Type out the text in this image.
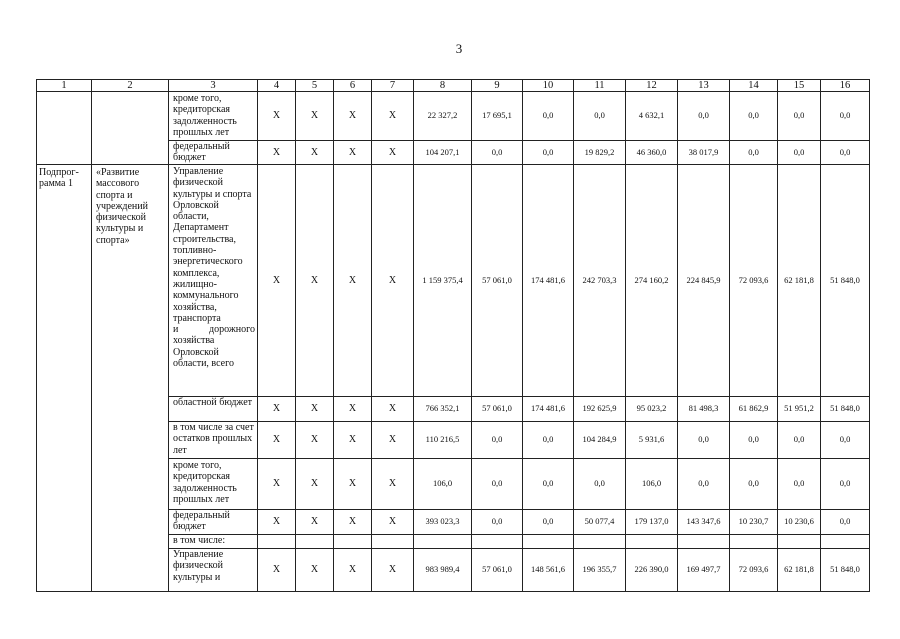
3
1	2	3	4	5	6	7	8	9	10	11	12	13	14	15	16
		кроме того, кредиторская задолженность прошлых лет	X	X	X	X	22 327,2	17 695,1	0,0	0,0	4 632,1	0,0	0,0	0,0	0,0
		федеральный бюджет	X	X	X	X	104 207,1	0,0	0,0	19 829,2	46 360,0	38 017,9	0,0	0,0	0,0
Подпрог-рамма 1	«Развитие массового спорта и учреждений физической культуры и спорта»	Управление физической культуры и спорта Орловской области, Департамент строительства, топливно-энергетического комплекса, жилищно-коммунального хозяйства, транспорта
и дорожного
хозяйства Орловской области, всего	X	X	X	X	1 159 375,4	57 061,0	174 481,6	242 703,3	274 160,2	224 845,9	72 093,6	62 181,8	51 848,0
		областной бюджет	X	X	X	X	766 352,1	57 061,0	174 481,6	192 625,9	95 023,2	81 498,3	61 862,9	51 951,2	51 848,0
		в том числе за счет остатков прошлых лет	X	X	X	X	110 216,5	0,0	0,0	104 284,9	5 931,6	0,0	0,0	0,0	0,0
		кроме того, кредиторская задолженность прошлых лет	X	X	X	X	106,0	0,0	0,0	0,0	106,0	0,0	0,0	0,0	0,0
		федеральный бюджет	X	X	X	X	393 023,3	0,0	0,0	50 077,4	179 137,0	143 347,6	10 230,7	10 230,6	0,0
		в том числе:													
		Управление физической культуры и	X	X	X	X	983 989,4	57 061,0	148 561,6	196 355,7	226 390,0	169 497,7	72 093,6	62 181,8	51 848,0
